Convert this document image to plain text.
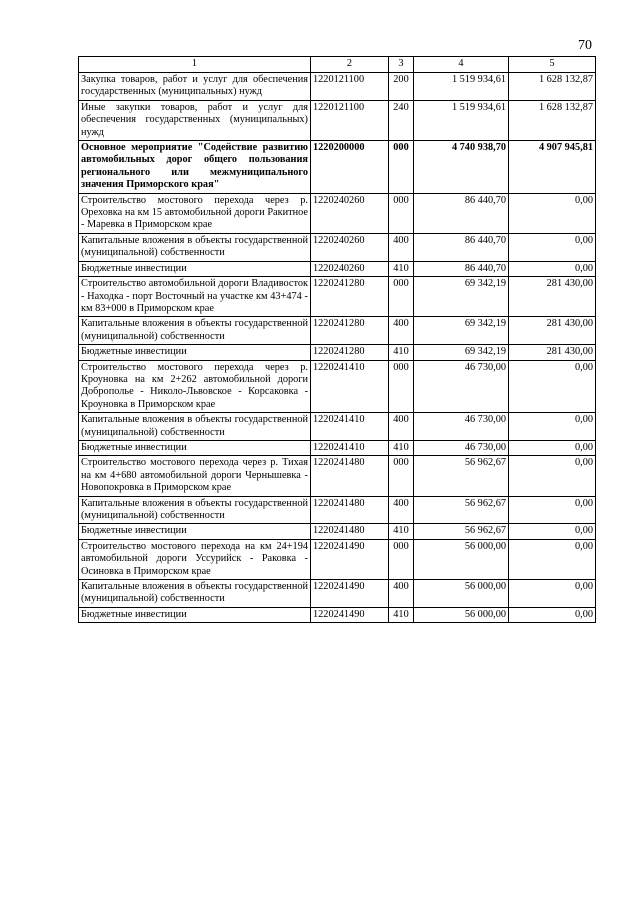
70
1	2	3	4	5
Закупка товаров, работ и услуг для обеспечения государственных (муниципальных) нужд	1220121100	200	1 519 934,61	1 628 132,87
Иные закупки товаров, работ и услуг для обеспечения государственных (муниципальных) нужд	1220121100	240	1 519 934,61	1 628 132,87
Основное мероприятие "Содействие развитию автомобильных дорог общего пользования регионального или межмуниципального значения Приморского края"	1220200000	000	4 740 938,70	4 907 945,81
Строительство мостового перехода через р. Ореховка на км 15 автомобильной дороги Ракитное - Маревка в Приморском крае	1220240260	000	86 440,70	0,00
Капитальные вложения в объекты государственной (муниципальной) собственности	1220240260	400	86 440,70	0,00
Бюджетные инвестиции	1220240260	410	86 440,70	0,00
Строительство автомобильной дороги Владивосток - Находка - порт Восточный на участке км 43+474 - км 83+000 в Приморском крае	1220241280	000	69 342,19	281 430,00
Капитальные вложения в объекты государственной (муниципальной) собственности	1220241280	400	69 342,19	281 430,00
Бюджетные инвестиции	1220241280	410	69 342,19	281 430,00
Строительство мостового перехода через р. Кроуновка на км 2+262 автомобильной дороги Доброполье - Николо-Львовское - Корсаковка - Кроуновка в Приморском крае	1220241410	000	46 730,00	0,00
Капитальные вложения в объекты государственной (муниципальной) собственности	1220241410	400	46 730,00	0,00
Бюджетные инвестиции	1220241410	410	46 730,00	0,00
Строительство мостового перехода через р. Тихая на км 4+680 автомобильной дороги Чернышевка - Новопокровка в Приморском крае	1220241480	000	56 962,67	0,00
Капитальные вложения в объекты государственной (муниципальной) собственности	1220241480	400	56 962,67	0,00
Бюджетные инвестиции	1220241480	410	56 962,67	0,00
Строительство мостового перехода на км 24+194 автомобильной дороги Уссурийск - Раковка - Осиновка в Приморском крае	1220241490	000	56 000,00	0,00
Капитальные вложения в объекты государственной (муниципальной) собственности	1220241490	400	56 000,00	0,00
Бюджетные инвестиции	1220241490	410	56 000,00	0,00
